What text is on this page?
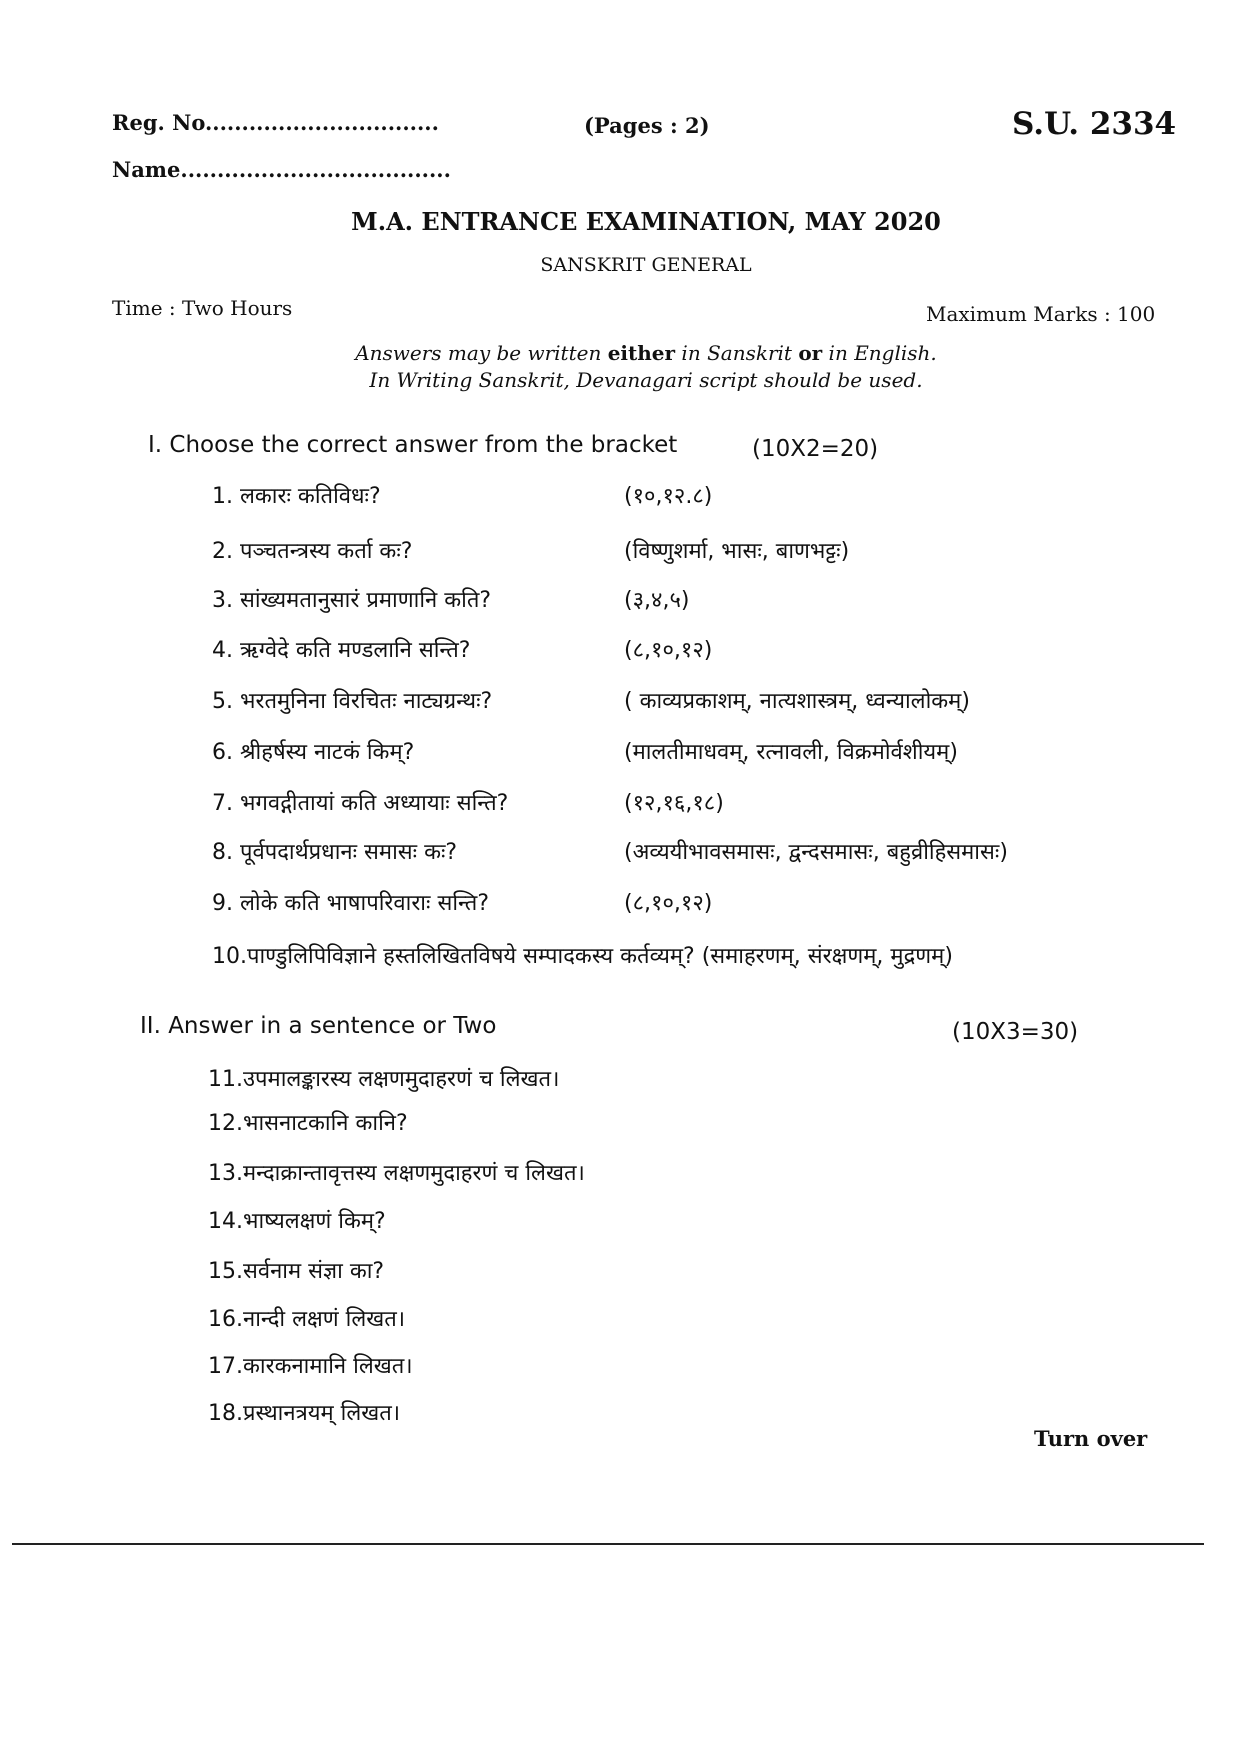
Reg. No................................
Name.....................................
(Pages : 2)	S.U. 2334
M.A. ENTRANCE EXAMINATION, MAY 2020
SANSKRIT GENERAL
Time : Two Hours	Maximum Marks : 100
Answers may be written either in Sanskrit or in English.
In Writing Sanskrit, Devanagari script should be used.
I. Choose the correct answer from the bracket	(10X2=20)
1. लकारः कतिविधः?	(१०,१२.८)
2. पञ्चतन्त्रस्य कर्ता कः?	(विष्णुशर्मा, भासः, बाणभट्टः)
3. सांख्यमतानुसारं प्रमाणानि कति?	(३,४,५)
4. ऋग्वेदे कति मण्डलानि सन्ति?	(८,१०,१२)
5. भरतमुनिना विरचितः नाट्यग्रन्थः?	( काव्यप्रकाशम्, नात्यशास्त्रम्, ध्वन्यालोकम्)
6. श्रीहर्षस्य नाटकं किम्?	(मालतीमाधवम्, रत्नावली, विक्रमोर्वशीयम्)
7. भगवद्गीतायां कति अध्यायाः सन्ति?	(१२,१६,१८)
8. पूर्वपदार्थप्रधानः समासः कः?	(अव्ययीभावसमासः, द्वन्दसमासः, बहुव्रीहिसमासः)
9. लोके कति भाषापरिवाराः सन्ति?	(८,१०,१२)
10.पाण्डुलिपिविज्ञाने हस्तलिखितविषये सम्पादकस्य कर्तव्यम्? (समाहरणम्, संरक्षणम्, मुद्रणम्)
II. Answer in a sentence or Two	(10X3=30)
11.उपमालङ्कारस्य लक्षणमुदाहरणं च लिखत।
12.भासनाटकानि कानि?
13.मन्दाक्रान्तावृत्तस्य लक्षणमुदाहरणं च लिखत।
14.भाष्यलक्षणं किम्?
15.सर्वनाम संज्ञा का?
16.नान्दी लक्षणं लिखत।
17.कारकनामानि लिखत।
18.प्रस्थानत्रयम् लिखत।
Turn over
